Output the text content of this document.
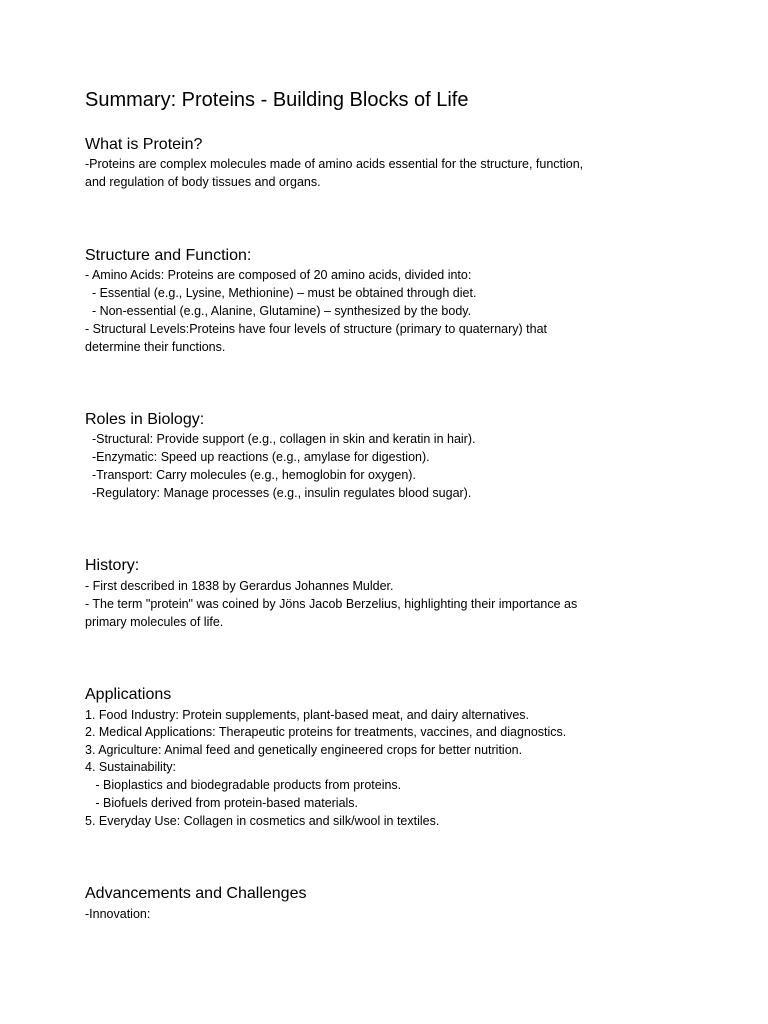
Summary: Proteins - Building Blocks of Life
What is Protein?
-Proteins are complex molecules made of amino acids essential for the structure, function,
and regulation of body tissues and organs.
Structure and Function:
- Amino Acids: Proteins are composed of 20 amino acids, divided into:
- Essential (e.g., Lysine, Methionine) – must be obtained through diet.
- Non-essential (e.g., Alanine, Glutamine) – synthesized by the body.
- Structural Levels:Proteins have four levels of structure (primary to quaternary) that
determine their functions.
Roles in Biology:
-Structural: Provide support (e.g., collagen in skin and keratin in hair).
-Enzymatic: Speed up reactions (e.g., amylase for digestion).
-Transport: Carry molecules (e.g., hemoglobin for oxygen).
-Regulatory: Manage processes (e.g., insulin regulates blood sugar).
History:
- First described in 1838 by Gerardus Johannes Mulder.
- The term "protein" was coined by Jöns Jacob Berzelius, highlighting their importance as
primary molecules of life.
Applications
1. Food Industry: Protein supplements, plant-based meat, and dairy alternatives.
2. Medical Applications: Therapeutic proteins for treatments, vaccines, and diagnostics.
3. Agriculture: Animal feed and genetically engineered crops for better nutrition.
4. Sustainability:
- Bioplastics and biodegradable products from proteins.
- Biofuels derived from protein-based materials.
5. Everyday Use: Collagen in cosmetics and silk/wool in textiles.
Advancements and Challenges
-Innovation:
